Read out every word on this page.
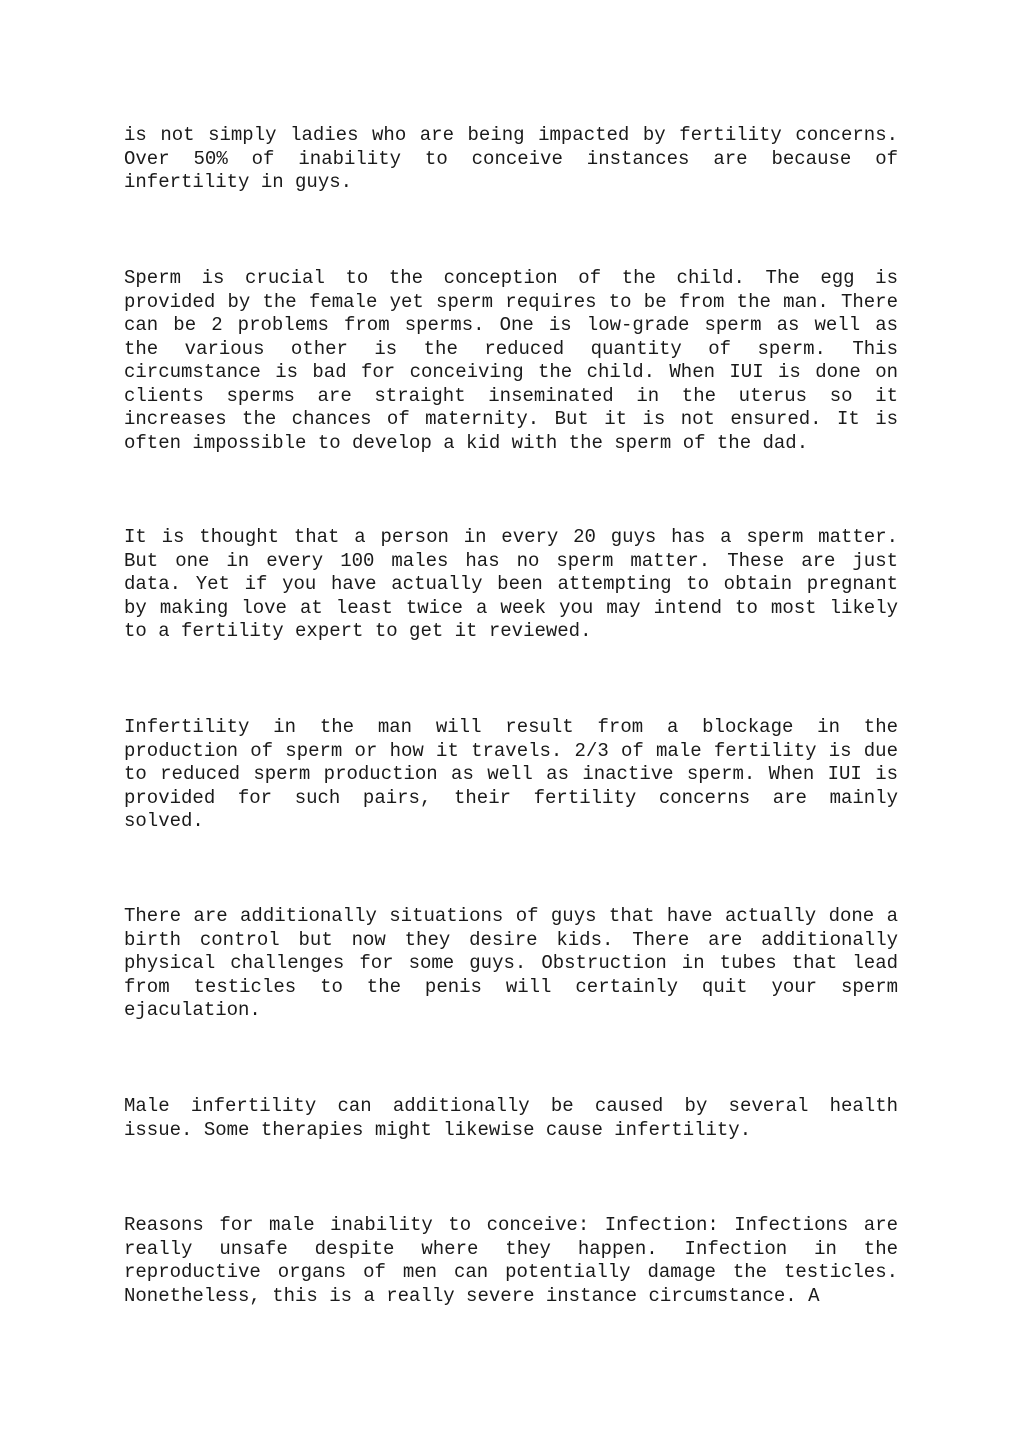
is not simply ladies who are being impacted by fertility concerns. Over 50% of inability to conceive instances are because of infertility in guys.

Sperm is crucial to the conception of the child. The egg is provided by the female yet sperm requires to be from the man. There can be 2 problems from sperms. One is low-grade sperm as well as the various other is the reduced quantity of sperm. This circumstance is bad for conceiving the child. When IUI is done on clients sperms are straight inseminated in the uterus so it increases the chances of maternity. But it is not ensured. It is often impossible to develop a kid with the sperm of the dad.

It is thought that a person in every 20 guys has a sperm matter. But one in every 100 males has no sperm matter. These are just data. Yet if you have actually been attempting to obtain pregnant by making love at least twice a week you may intend to most likely to a fertility expert to get it reviewed.

Infertility in the man will result from a blockage in the production of sperm or how it travels. 2/3 of male fertility is due to reduced sperm production as well as inactive sperm. When IUI is provided for such pairs, their fertility concerns are mainly solved.

There are additionally situations of guys that have actually done a birth control but now they desire kids. There are additionally physical challenges for some guys. Obstruction in tubes that lead from testicles to the penis will certainly quit your sperm ejaculation.

Male infertility can additionally be caused by several health issue. Some therapies might likewise cause infertility.

Reasons for male inability to conceive: Infection: Infections are really unsafe despite where they happen. Infection in the reproductive organs of men can potentially damage the testicles. Nonetheless, this is a really severe instance circumstance. A
